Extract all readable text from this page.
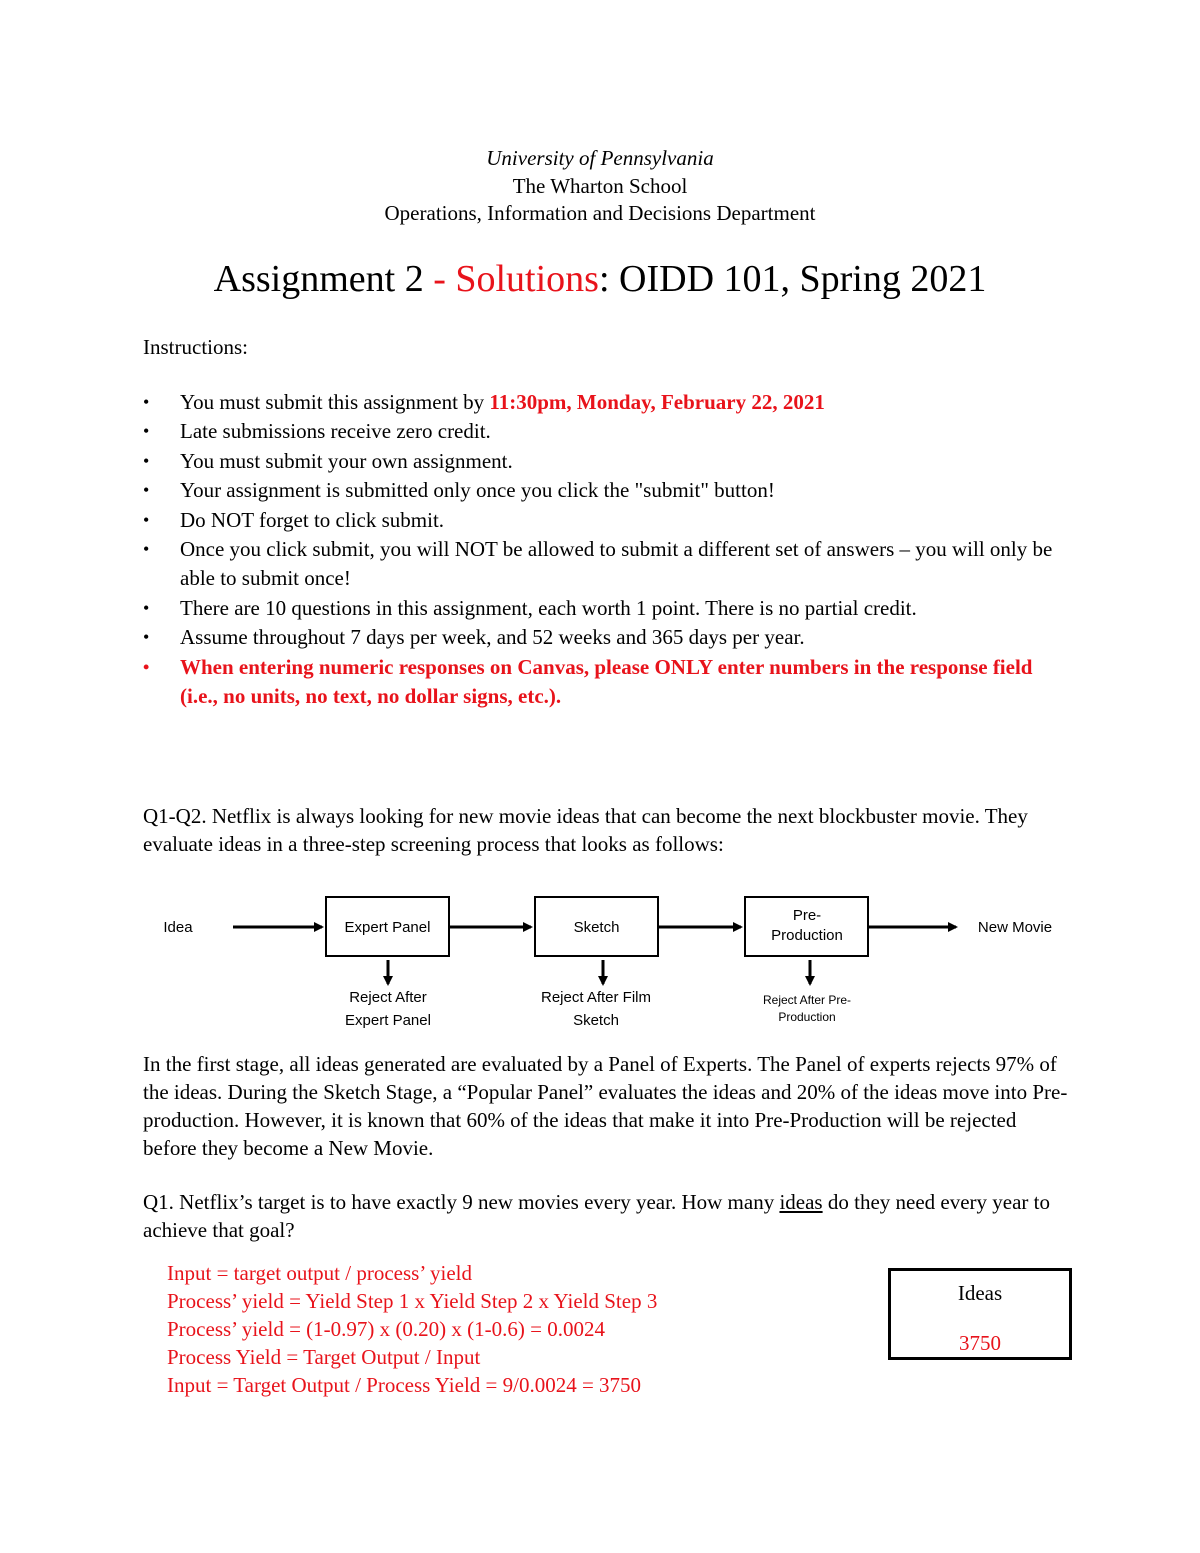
University of Pennsylvania
The Wharton School
Operations, Information and Decisions Department
Assignment 2 - Solutions: OIDD 101, Spring 2021
Instructions:
• You must submit this assignment by 11:30pm, Monday, February 22, 2021
• Late submissions receive zero credit.
• You must submit your own assignment.
• Your assignment is submitted only once you click the "submit" button!
• Do NOT forget to click submit.
• Once you click submit, you will NOT be allowed to submit a different set of answers – you will only be able to submit once!
• There are 10 questions in this assignment, each worth 1 point. There is no partial credit.
• Assume throughout 7 days per week, and 52 weeks and 365 days per year.
• When entering numeric responses on Canvas, please ONLY enter numbers in the response field (i.e., no units, no text, no dollar signs, etc.).
Q1-Q2. Netflix is always looking for new movie ideas that can become the next blockbuster movie. They evaluate ideas in a three-step screening process that looks as follows:
Idea	Expert Panel	Sketch
Pre-Production	New Movie
Reject After Expert Panel
Reject After Film Sketch
Reject After Pre-Production
In the first stage, all ideas generated are evaluated by a Panel of Experts. The Panel of experts rejects 97% of the ideas. During the Sketch Stage, a “Popular Panel” evaluates the ideas and 20% of the ideas move into Pre-production. However, it is known that 60% of the ideas that make it into Pre-Production will be rejected before they become a New Movie.
Q1. Netflix’s target is to have exactly 9 new movies every year. How many ideas do they need every year to achieve that goal?
Input = target output / process’ yield
Process’ yield = Yield Step 1 x Yield Step 2 x Yield Step 3
Process’ yield = (1-0.97) x (0.20) x (1-0.6) = 0.0024
Process Yield = Target Output / Input
Input = Target Output / Process Yield = 9/0.0024 = 3750
Ideas
3750
